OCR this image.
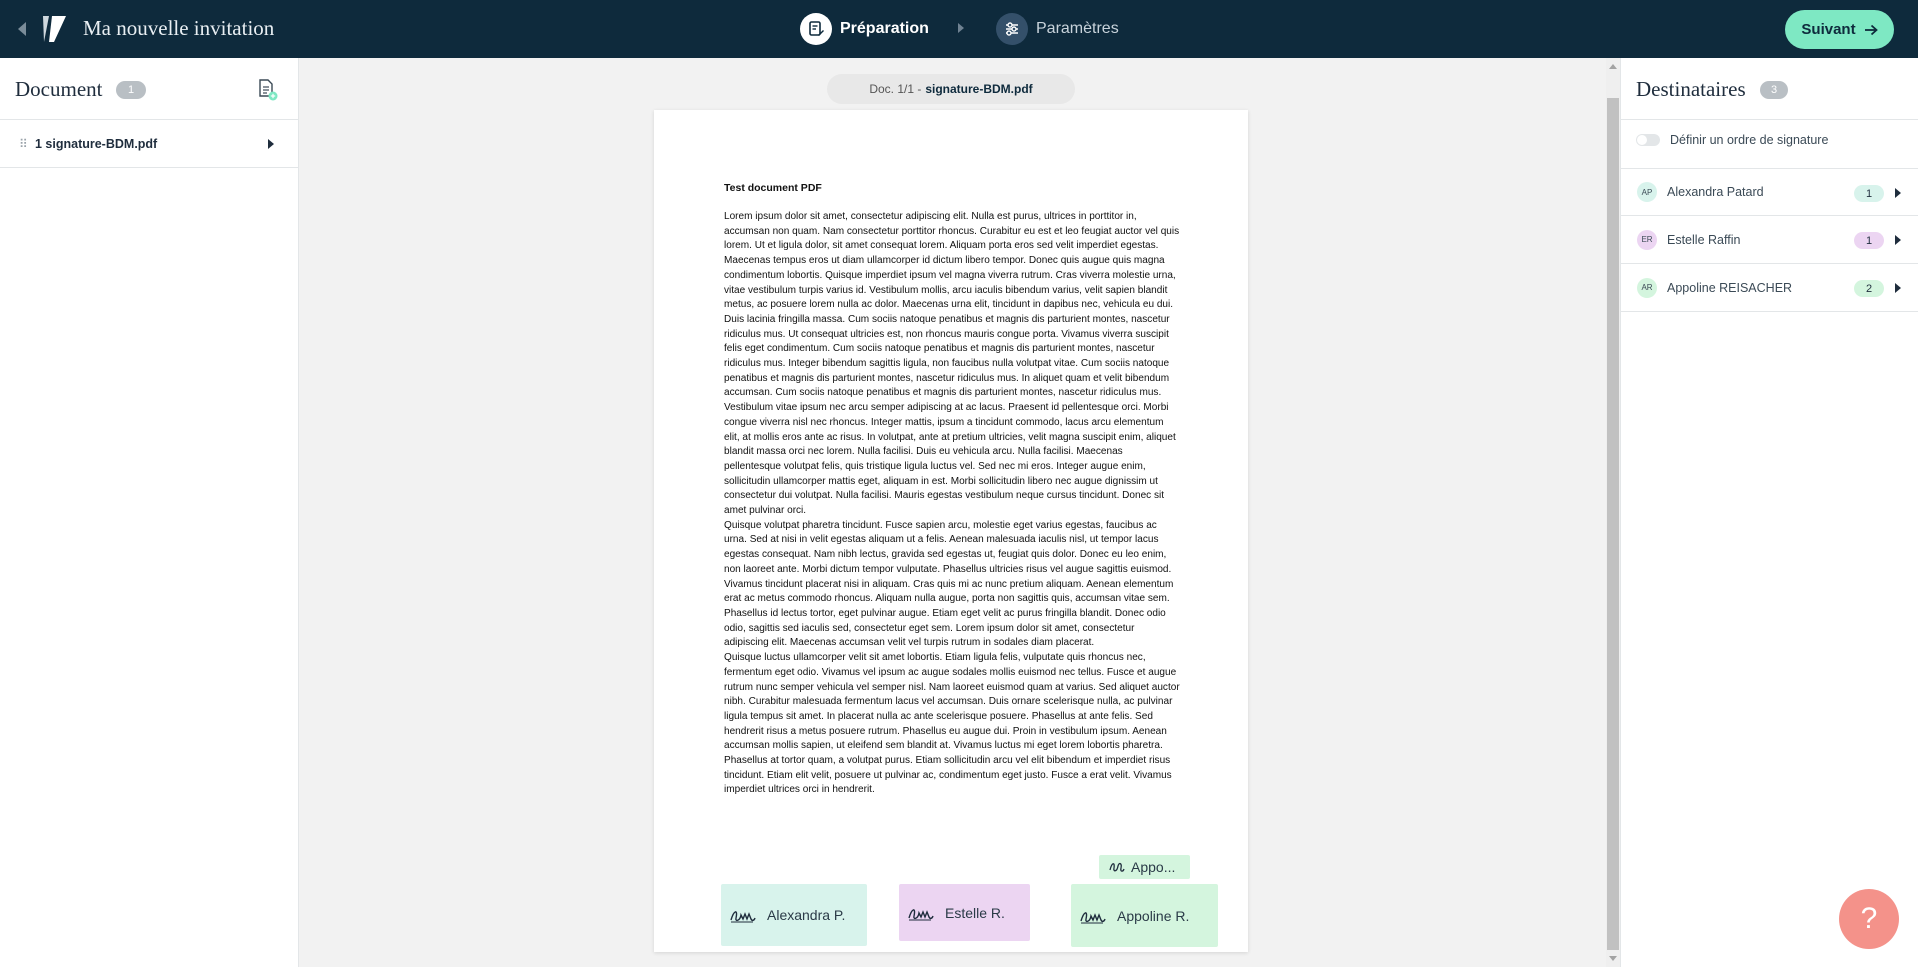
Ma nouvelle invitation	Préparation	Paramètres	Suivant
Document	1
⠿ 1 signature-BDM.pdf
Doc. 1/1 - signature-BDM.pdf
Test document PDF

Lorem ipsum dolor sit amet, consectetur adipiscing elit. Nulla est purus, ultrices in porttitor in, accumsan non quam. Nam consectetur porttitor rhoncus. Curabitur eu est et leo feugiat auctor vel quis lorem. Ut et ligula dolor, sit amet consequat lorem. Aliquam porta eros sed velit imperdiet egestas. Maecenas tempus eros ut diam ullamcorper id dictum libero tempor. Donec quis augue quis magna condimentum lobortis. Quisque imperdiet ipsum vel magna viverra rutrum. Cras viverra molestie urna, vitae vestibulum turpis varius id. Vestibulum mollis, arcu iaculis bibendum varius, velit sapien blandit metus, ac posuere lorem nulla ac dolor. Maecenas urna elit, tincidunt in dapibus nec, vehicula eu dui. Duis lacinia fringilla massa. Cum sociis natoque penatibus et magnis dis parturient montes, nascetur ridiculus mus. Ut consequat ultricies est, non rhoncus mauris congue porta. Vivamus viverra suscipit felis eget condimentum. Cum sociis natoque penatibus et magnis dis parturient montes, nascetur ridiculus mus. Integer bibendum sagittis ligula, non faucibus nulla volutpat vitae. Cum sociis natoque penatibus et magnis dis parturient montes, nascetur ridiculus mus. In aliquet quam et velit bibendum accumsan. Cum sociis natoque penatibus et magnis dis parturient montes, nascetur ridiculus mus. Vestibulum vitae ipsum nec arcu semper adipiscing at ac lacus. Praesent id pellentesque orci. Morbi congue viverra nisl nec rhoncus. Integer mattis, ipsum a tincidunt commodo, lacus arcu elementum elit, at mollis eros ante ac risus. In volutpat, ante at pretium ultricies, velit magna suscipit enim, aliquet blandit massa orci nec lorem. Nulla facilisi. Duis eu vehicula arcu. Nulla facilisi. Maecenas pellentesque volutpat felis, quis tristique ligula luctus vel. Sed nec mi eros. Integer augue enim, sollicitudin ullamcorper mattis eget, aliquam in est. Morbi sollicitudin libero nec augue dignissim ut consectetur dui volutpat. Nulla facilisi. Mauris egestas vestibulum neque cursus tincidunt. Donec sit amet pulvinar orci.

Quisque volutpat pharetra tincidunt. Fusce sapien arcu, molestie eget varius egestas, faucibus ac urna. Sed at nisi in velit egestas aliquam ut a felis. Aenean malesuada iaculis nisl, ut tempor lacus egestas consequat. Nam nibh lectus, gravida sed egestas ut, feugiat quis dolor. Donec eu leo enim, non laoreet ante. Morbi dictum tempor vulputate. Phasellus ultricies risus vel augue sagittis euismod. Vivamus tincidunt placerat nisi in aliquam. Cras quis mi ac nunc pretium aliquam. Aenean elementum erat ac metus commodo rhoncus. Aliquam nulla augue, porta non sagittis quis, accumsan vitae sem. Phasellus id lectus tortor, eget pulvinar augue. Etiam eget velit ac purus fringilla blandit. Donec odio odio, sagittis sed iaculis sed, consectetur eget sem. Lorem ipsum dolor sit amet, consectetur adipiscing elit. Maecenas accumsan velit vel turpis rutrum in sodales diam placerat.

Quisque luctus ullamcorper velit sit amet lobortis. Etiam ligula felis, vulputate quis rhoncus nec, fermentum eget odio. Vivamus vel ipsum ac augue sodales mollis euismod nec tellus. Fusce et augue rutrum nunc semper vehicula vel semper nisl. Nam laoreet euismod quam at varius. Sed aliquet auctor nibh. Curabitur malesuada fermentum lacus vel accumsan. Duis ornare scelerisque nulla, ac pulvinar ligula tempus sit amet. In placerat nulla ac ante scelerisque posuere. Phasellus at ante felis. Sed hendrerit risus a metus posuere rutrum. Phasellus eu augue dui. Proin in vestibulum ipsum. Aenean accumsan mollis sapien, ut eleifend sem blandit at. Vivamus luctus mi eget lorem lobortis pharetra. Phasellus at tortor quam, a volutpat purus. Etiam sollicitudin arcu vel elit bibendum et imperdiet risus tincidunt. Etiam elit velit, posuere ut pulvinar ac, condimentum eget justo. Fusce a erat velit. Vivamus imperdiet ultrices orci in hendrerit.

Appo...
Alexandra P.	Estelle R.	Appoline R.
Destinataires	3
Définir un ordre de signature
AP	Alexandra Patard	1
ER	Estelle Raffin	1
AR	Appoline REISACHER	2
?
